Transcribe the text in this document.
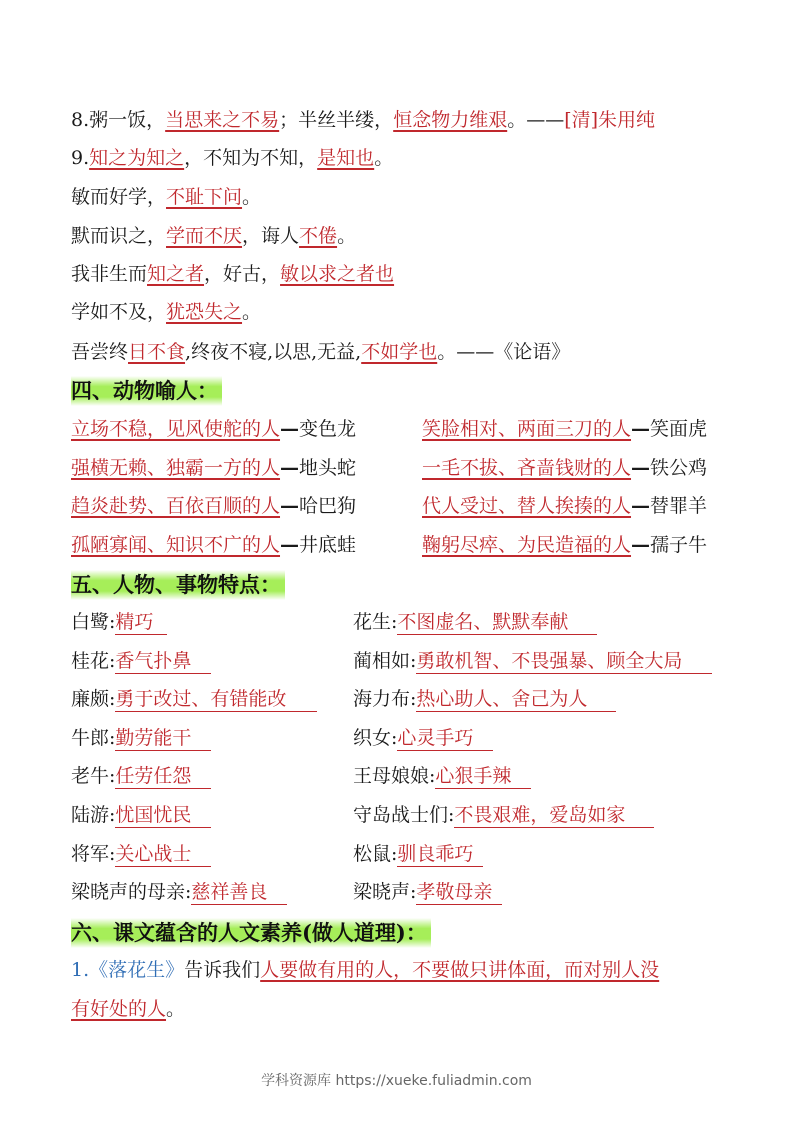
8.粥一饭，当思来之不易；半丝半缕，恒念物力维艰。——[清]朱用纯
9.知之为知之，不知为不知，是知也。
敏而好学，不耻下问。
默而识之，学而不厌，诲人不倦。
我非生而知之者，好古，敏以求之者也
学如不及，犹恐失之。
吾尝终日不食,终夜不寝,以思,无益,不如学也。——《论语》
四、动物喻人：
立场不稳，见风使舵的人—变色龙	笑脸相对、两面三刀的人—笑面虎
强横无赖、独霸一方的人—地头蛇	一毛不拔、吝啬钱财的人—铁公鸡
趋炎赴势、百依百顺的人—哈巴狗	代人受过、替人挨揍的人—替罪羊
孤陋寡闻、知识不广的人—井底蛙	鞠躬尽瘁、为民造福的人—孺子牛
五、人物、事物特点：
白鹭:精巧	花生:不图虚名、默默奉献
桂花:香气扑鼻	蔺相如:勇敢机智、不畏强暴、顾全大局
廉颇:勇于改过、有错能改	海力布:热心助人、舍己为人
牛郎:勤劳能干	织女:心灵手巧
老牛:任劳任怨	王母娘娘:心狠手辣
陆游:忧国忧民	守岛战士们:不畏艰难，爱岛如家
将军:关心战士	松鼠:驯良乖巧
梁晓声的母亲:慈祥善良	梁晓声:孝敬母亲
六、课文蕴含的人文素养(做人道理)：
1.《落花生》告诉我们人要做有用的人，不要做只讲体面，而对别人没
有好处的人。
学科资源库 https://xueke.fuliadmin.com
